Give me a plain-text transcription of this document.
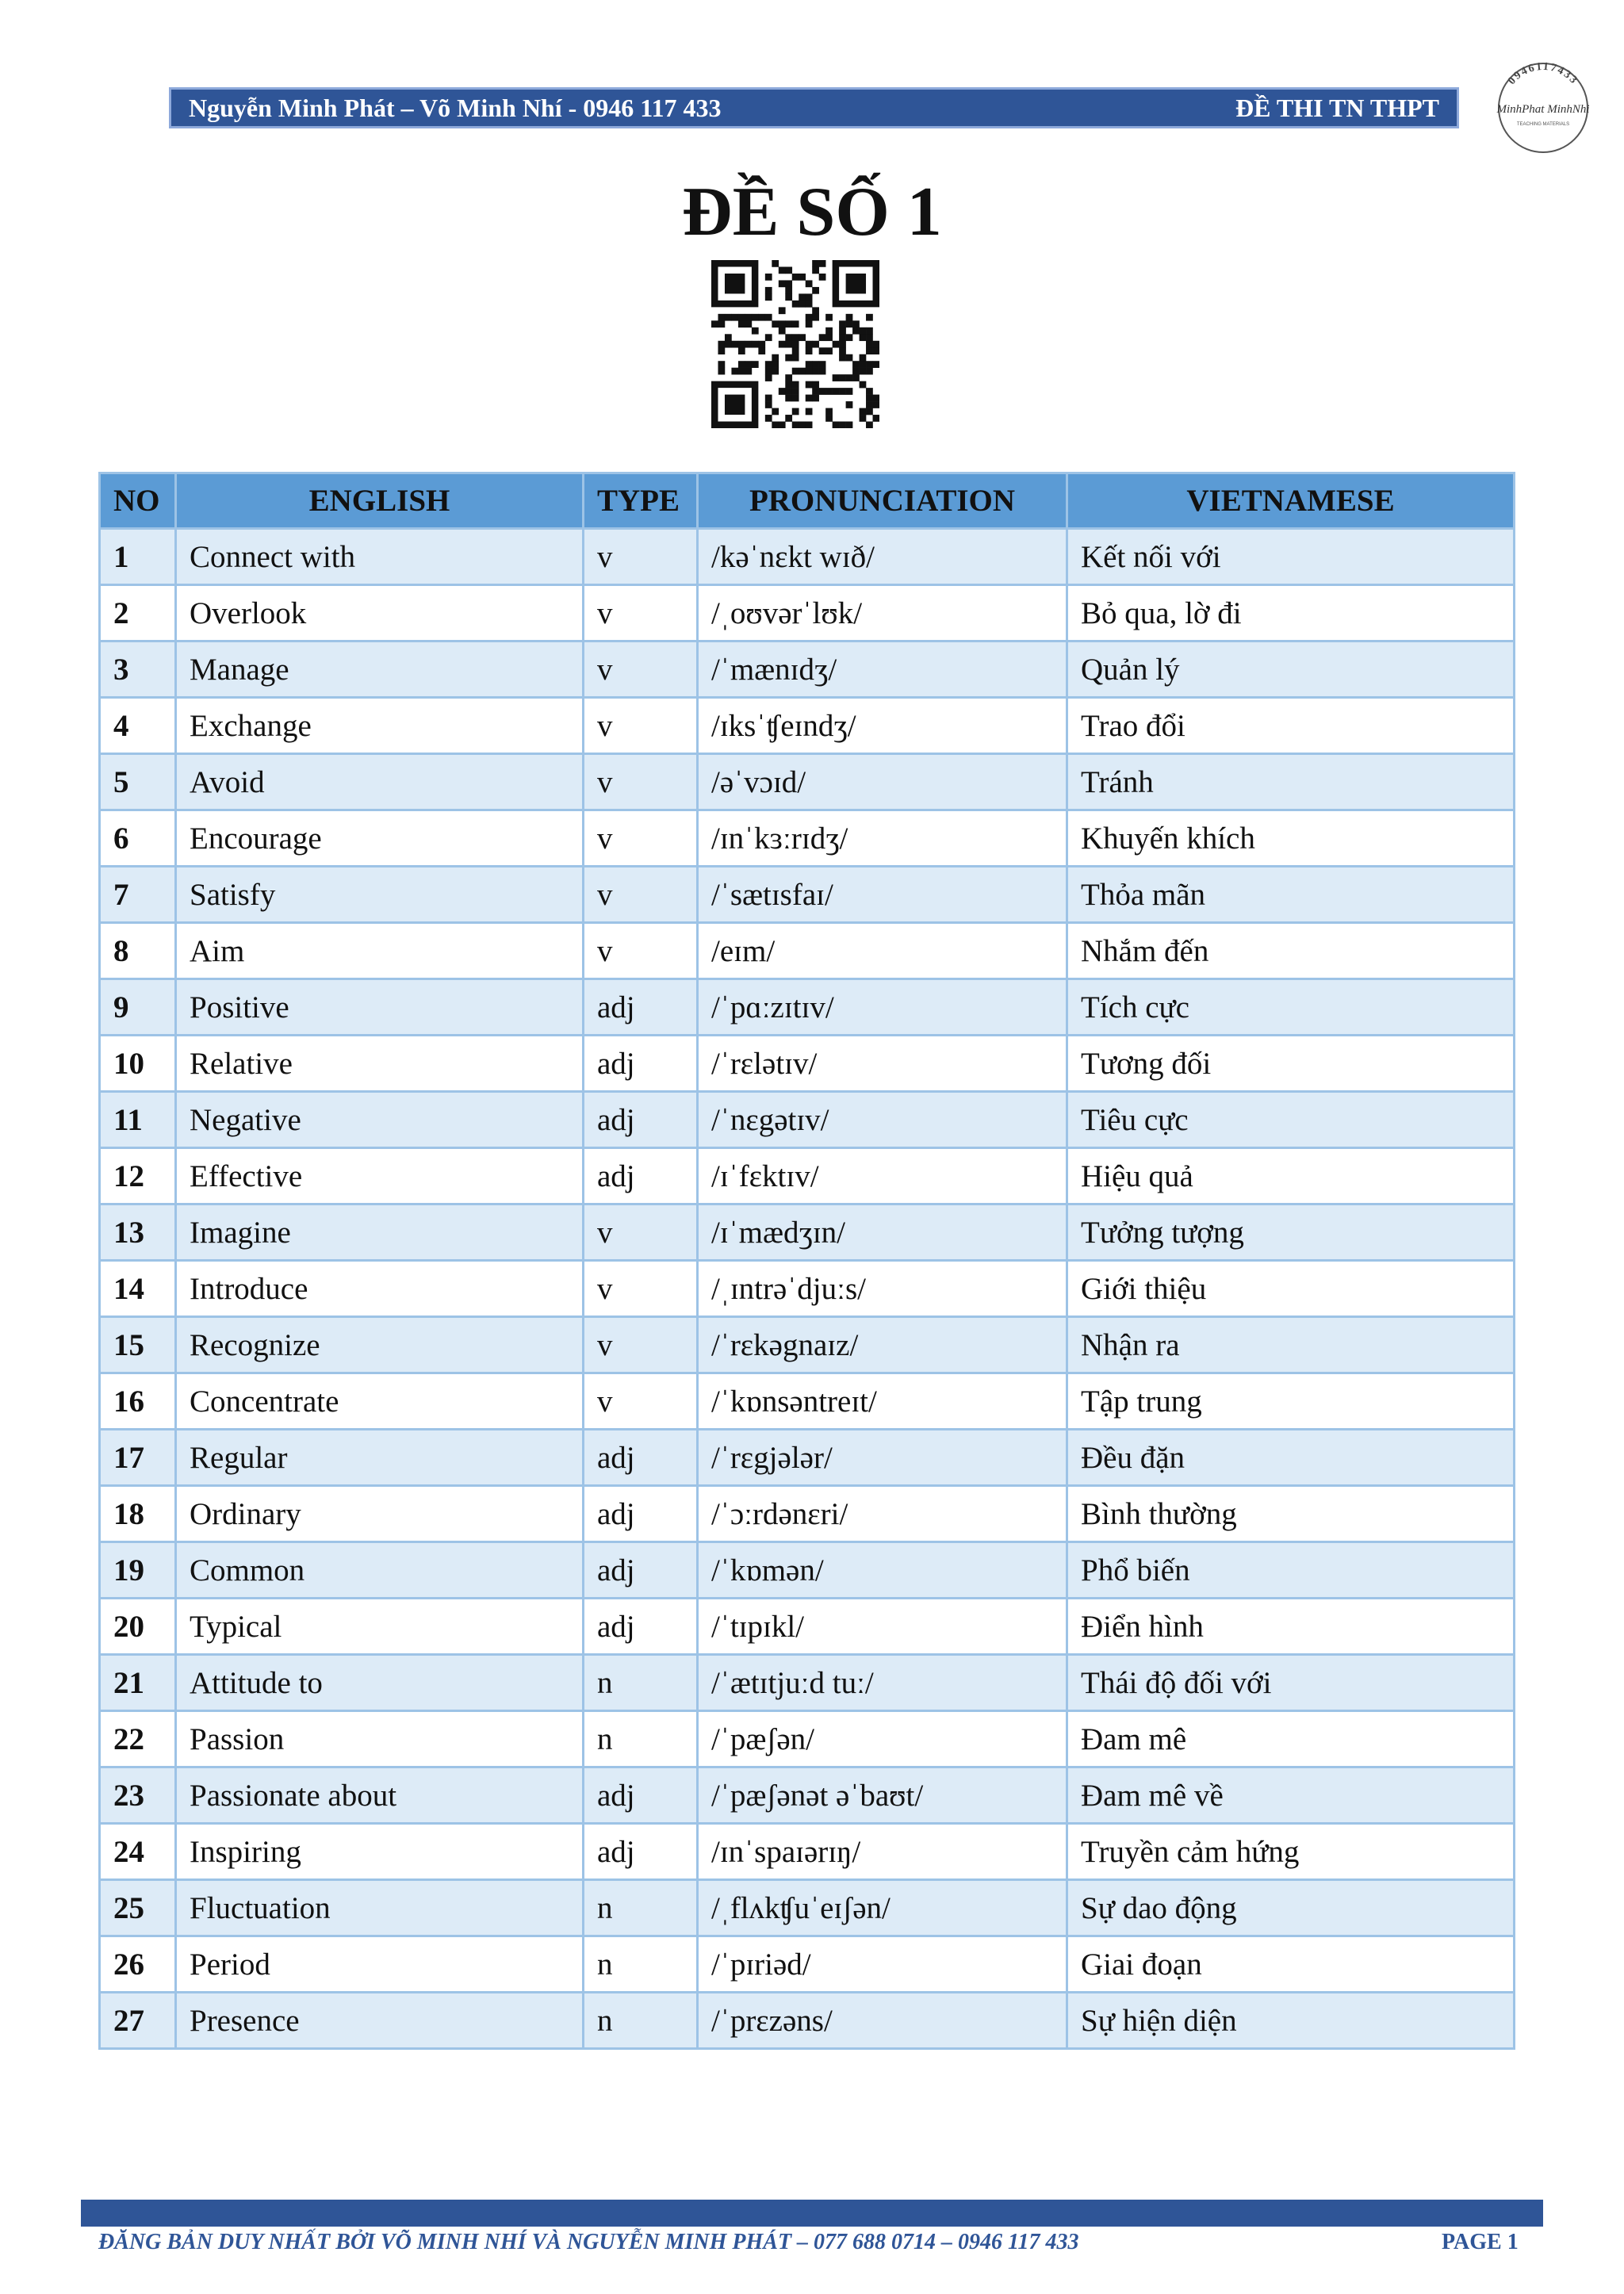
Nguyễn Minh Phát – Võ Minh Nhí - 0946 117 433	ĐỀ THI TN THPT
0946117433
MinhPhat MinhNhi
TEACHING MATERIALS
ĐỀ SỐ 1
NO	ENGLISH	TYPE	PRONUNCIATION	VIETNAMESE
1	Connect with	v	/kəˈnɛkt wɪð/	Kết nối với
2	Overlook	v	/ˌoʊvərˈlʊk/	Bỏ qua, lờ đi
3	Manage	v	/ˈmænɪdʒ/	Quản lý
4	Exchange	v	/ɪksˈʧeɪndʒ/	Trao đổi
5	Avoid	v	/əˈvɔɪd/	Tránh
6	Encourage	v	/ɪnˈkɜːrɪdʒ/	Khuyến khích
7	Satisfy	v	/ˈsætɪsfaɪ/	Thỏa mãn
8	Aim	v	/eɪm/	Nhắm đến
9	Positive	adj	/ˈpɑːzɪtɪv/	Tích cực
10	Relative	adj	/ˈrɛlətɪv/	Tương đối
11	Negative	adj	/ˈnɛgətɪv/	Tiêu cực
12	Effective	adj	/ɪˈfɛktɪv/	Hiệu quả
13	Imagine	v	/ɪˈmædʒɪn/	Tưởng tượng
14	Introduce	v	/ˌɪntrəˈdjuːs/	Giới thiệu
15	Recognize	v	/ˈrɛkəgnaɪz/	Nhận ra
16	Concentrate	v	/ˈkɒnsəntreɪt/	Tập trung
17	Regular	adj	/ˈrɛgjələr/	Đều đặn
18	Ordinary	adj	/ˈɔːrdənɛri/	Bình thường
19	Common	adj	/ˈkɒmən/	Phổ biến
20	Typical	adj	/ˈtɪpɪkl/	Điển hình
21	Attitude to	n	/ˈætɪtjuːd tuː/	Thái độ đối với
22	Passion	n	/ˈpæʃən/	Đam mê
23	Passionate about	adj	/ˈpæʃənət əˈbaʊt/	Đam mê về
24	Inspiring	adj	/ɪnˈspaɪərɪŋ/	Truyền cảm hứng
25	Fluctuation	n	/ˌflʌkʧuˈeɪʃən/	Sự dao động
26	Period	n	/ˈpɪriəd/	Giai đoạn
27	Presence	n	/ˈprɛzəns/	Sự hiện diện
ĐĂNG BẢN DUY NHẤT BỞI VÕ MINH NHÍ VÀ NGUYỄN MINH PHÁT – 077 688 0714 – 0946 117 433	PAGE 1
